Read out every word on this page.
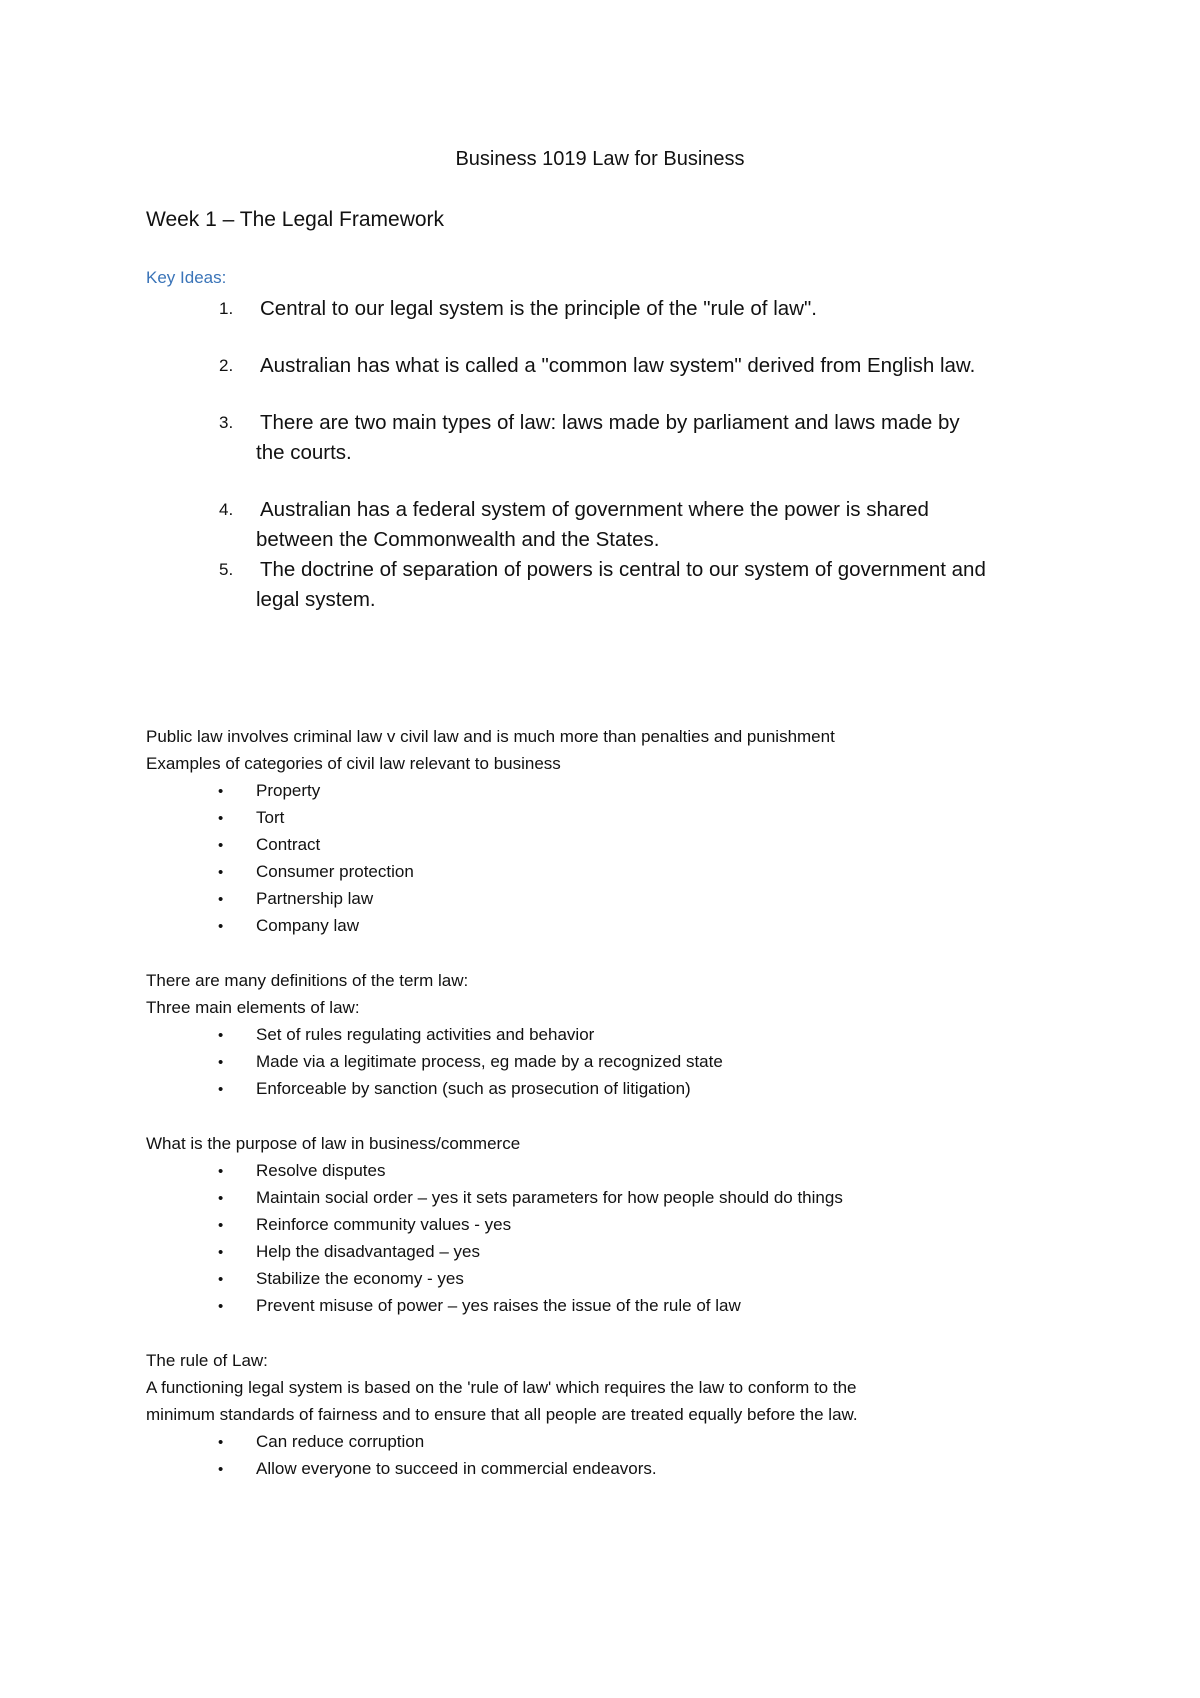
Business 1019 Law for Business
Week 1 – The Legal Framework
Key Ideas:
1. Central to our legal system is the principle of the "rule of law".
2. Australian has what is called a "common law system" derived from English law.
3. There are two main types of law: laws made by parliament and laws made by
the courts.
4. Australian has a federal system of government where the power is shared
between the Commonwealth and the States.
5. The doctrine of separation of powers is central to our system of government and
legal system.
Public law involves criminal law v civil law and is much more than penalties and punishment
Examples of categories of civil law relevant to business
• Property
• Tort
• Contract
• Consumer protection
• Partnership law
• Company law
There are many definitions of the term law:
Three main elements of law:
• Set of rules regulating activities and behavior
• Made via a legitimate process, eg made by a recognized state
• Enforceable by sanction (such as prosecution of litigation)
What is the purpose of law in business/commerce
• Resolve disputes
• Maintain social order – yes it sets parameters for how people should do things
• Reinforce community values - yes
• Help the disadvantaged – yes
• Stabilize the economy - yes
• Prevent misuse of power – yes raises the issue of the rule of law
The rule of Law:
A functioning legal system is based on the 'rule of law' which requires the law to conform to the
minimum standards of fairness and to ensure that all people are treated equally before the law.
• Can reduce corruption
• Allow everyone to succeed in commercial endeavors.
